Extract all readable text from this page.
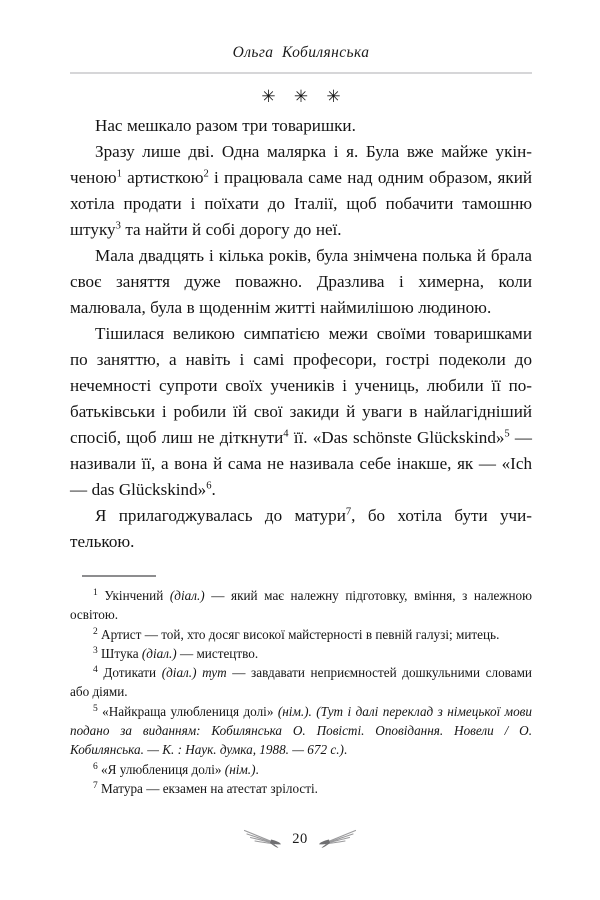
Ольга  Кобилянська
✳ ✳ ✳

Нас мешкало разом три товаришки.

Зразу лише дві. Одна малярка і я. Була вже майже укінченою$^1$ артисткою$^2$ і працювала саме над одним образом, який хотіла продати і поїхати до Італії, щоб побачити тамошню штуку$^3$ та найти й собі дорогу до неї.

Мала двадцять і кілька років, була знімчена полька й брала своє заняття дуже поважно. Дразлива і химерна, коли малювала, була в щоденнім житті наймилішою людиною.

Тішилася великою симпатією межи своїми товаришками по заняттю, а навіть і самі професори, гострі подеколи до нечемності супроти своїх учеників і учениць, любили її по-батьківськи і робили їй свої закиди й уваги в найлагідніший спосіб, щоб лиш не діткнути$^4$ її. «Das schönste Glückskind»$^5$ — називали її, а вона й сама не називала себе інакше, як — «Ich — das Glückskind»$^6$.

Я прилагоджувалась до матури$^7$, бо хотіла бути учителькою.

$^1$ Укінчений (діал.) — який має належну підготовку, вміння, з належною освітою.

$^2$ Артист — той, хто досяг високої майстерності в певній галузі; митець.

$^3$ Штука (діал.) — мистецтво.

$^4$ Дотикати (діал.) тут — завдавати неприємностей дошкульними словами або діями.

$^5$ «Найкраща улюблениця долі» (нім.). (Тут і далі переклад з німецької мови подано за виданням: Кобилянська О. Повісті. Оповідання. Новели / О. Кобилянська. — К. : Наук. думка, 1988. — 672 с.).

$^6$ «Я улюблениця долі» (нім.).

$^7$ Матура — екзамен на атестат зрілості.

20
